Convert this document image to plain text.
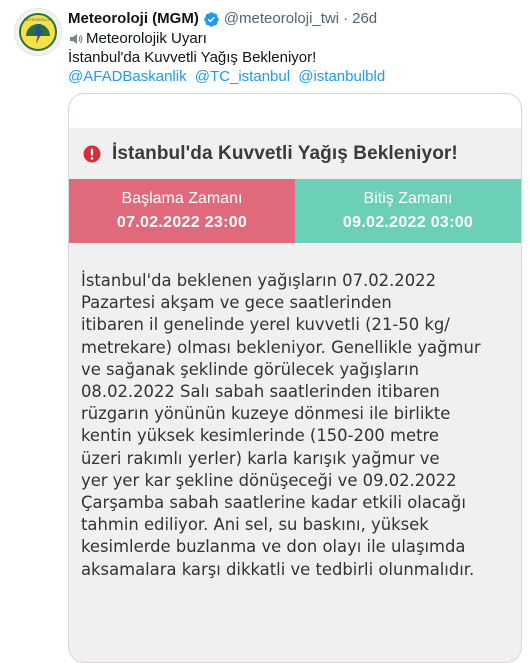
METEOROLOJI Meteoroloji (MGM) @meteoroloji_twi · 26d
Meteorolojik Uyarı
İstanbul'da Kuvvetli Yağış Bekleniyor!
@AFADBaskanlik @TC_istanbul @istanbulbld
İstanbul'da Kuvvetli Yağış Bekleniyor!
Başlama Zamanı
07.02.2022 23:00
Bitiş Zamanı
09.02.2022 03:00
İstanbul'da beklenen yağışların 07.02.2022
Pazartesi akşam ve gece saatlerinden
itibaren il genelinde yerel kuvvetli (21-50 kg/
metrekare) olması bekleniyor. Genellikle yağmur
ve sağanak şeklinde görülecek yağışların
08.02.2022 Salı sabah saatlerinden itibaren
rüzgarın yönünün kuzeye dönmesi ile birlikte
kentin yüksek kesimlerinde (150-200 metre
üzeri rakımlı yerler) karla karışık yağmur ve
yer yer kar şekline dönüşeceği ve 09.02.2022
Çarşamba sabah saatlerine kadar etkili olacağı
tahmin ediliyor. Ani sel, su baskını, yüksek
kesimlerde buzlanma ve don olayı ile ulaşımda
aksamalara karşı dikkatli ve tedbirli olunmalıdır.
